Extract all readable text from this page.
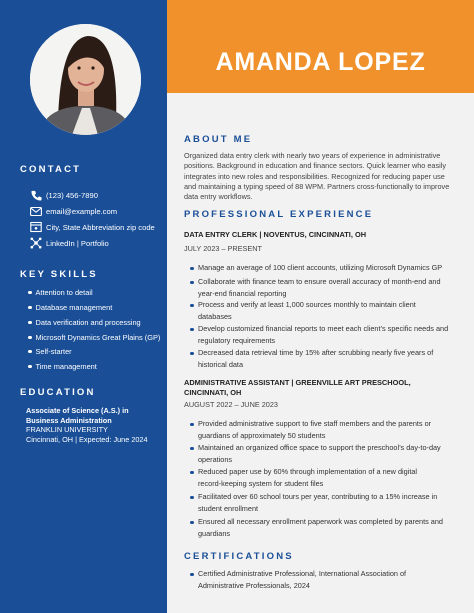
CONTACT
(123) 456-7890
email@example.com
City, State Abbreviation zip code
LinkedIn | Portfolio
KEY SKILLS
Attention to detail
Database management
Data verification and processing
Microsoft Dynamics Great Plains (GP)
Self-starter
Time management
EDUCATION
Associate of Science (A.S.) in
Business Administration
FRANKLIN UNIVERSITY
Cincinnati, OH | Expected: June 2024
AMANDA LOPEZ
ABOUT ME
Organized data entry clerk with nearly two years of experience in administrative
positions. Background in education and finance sectors. Quick learner who easily
integrates into new roles and responsibilities. Recognized for reducing paper use
and maintaining a typing speed of 88 WPM. Partners cross-functionally to improve
data entry workflows.
PROFESSIONAL EXPERIENCE
DATA ENTRY CLERK | NOVENTUS, CINCINNATI, OH
JULY 2023 – PRESENT
Manage an average of 100 client accounts, utilizing Microsoft Dynamics GP
Collaborate with finance team to ensure overall accuracy of month-end and
year-end financial reporting
Process and verify at least 1,000 sources monthly to maintain client
databases
Develop customized financial reports to meet each client’s specific needs and
regulatory requirements
Decreased data retrieval time by 15% after scrubbing nearly five years of
historical data
ADMINISTRATIVE ASSISTANT | GREENVILLE ART PRESCHOOL,
CINCINNATI, OH
AUGUST 2022 – JUNE 2023
Provided administrative support to five staff members and the parents or
guardians of approximately 50 students
Maintained an organized office space to support the preschool’s day-to-day
operations
Reduced paper use by 60% through implementation of a new digital
record-keeping system for student files
Facilitated over 60 school tours per year, contributing to a 15% increase in
student enrollment
Ensured all necessary enrollment paperwork was completed by parents and
guardians
CERTIFICATIONS
Certified Administrative Professional, International Association of
Administrative Professionals, 2024
